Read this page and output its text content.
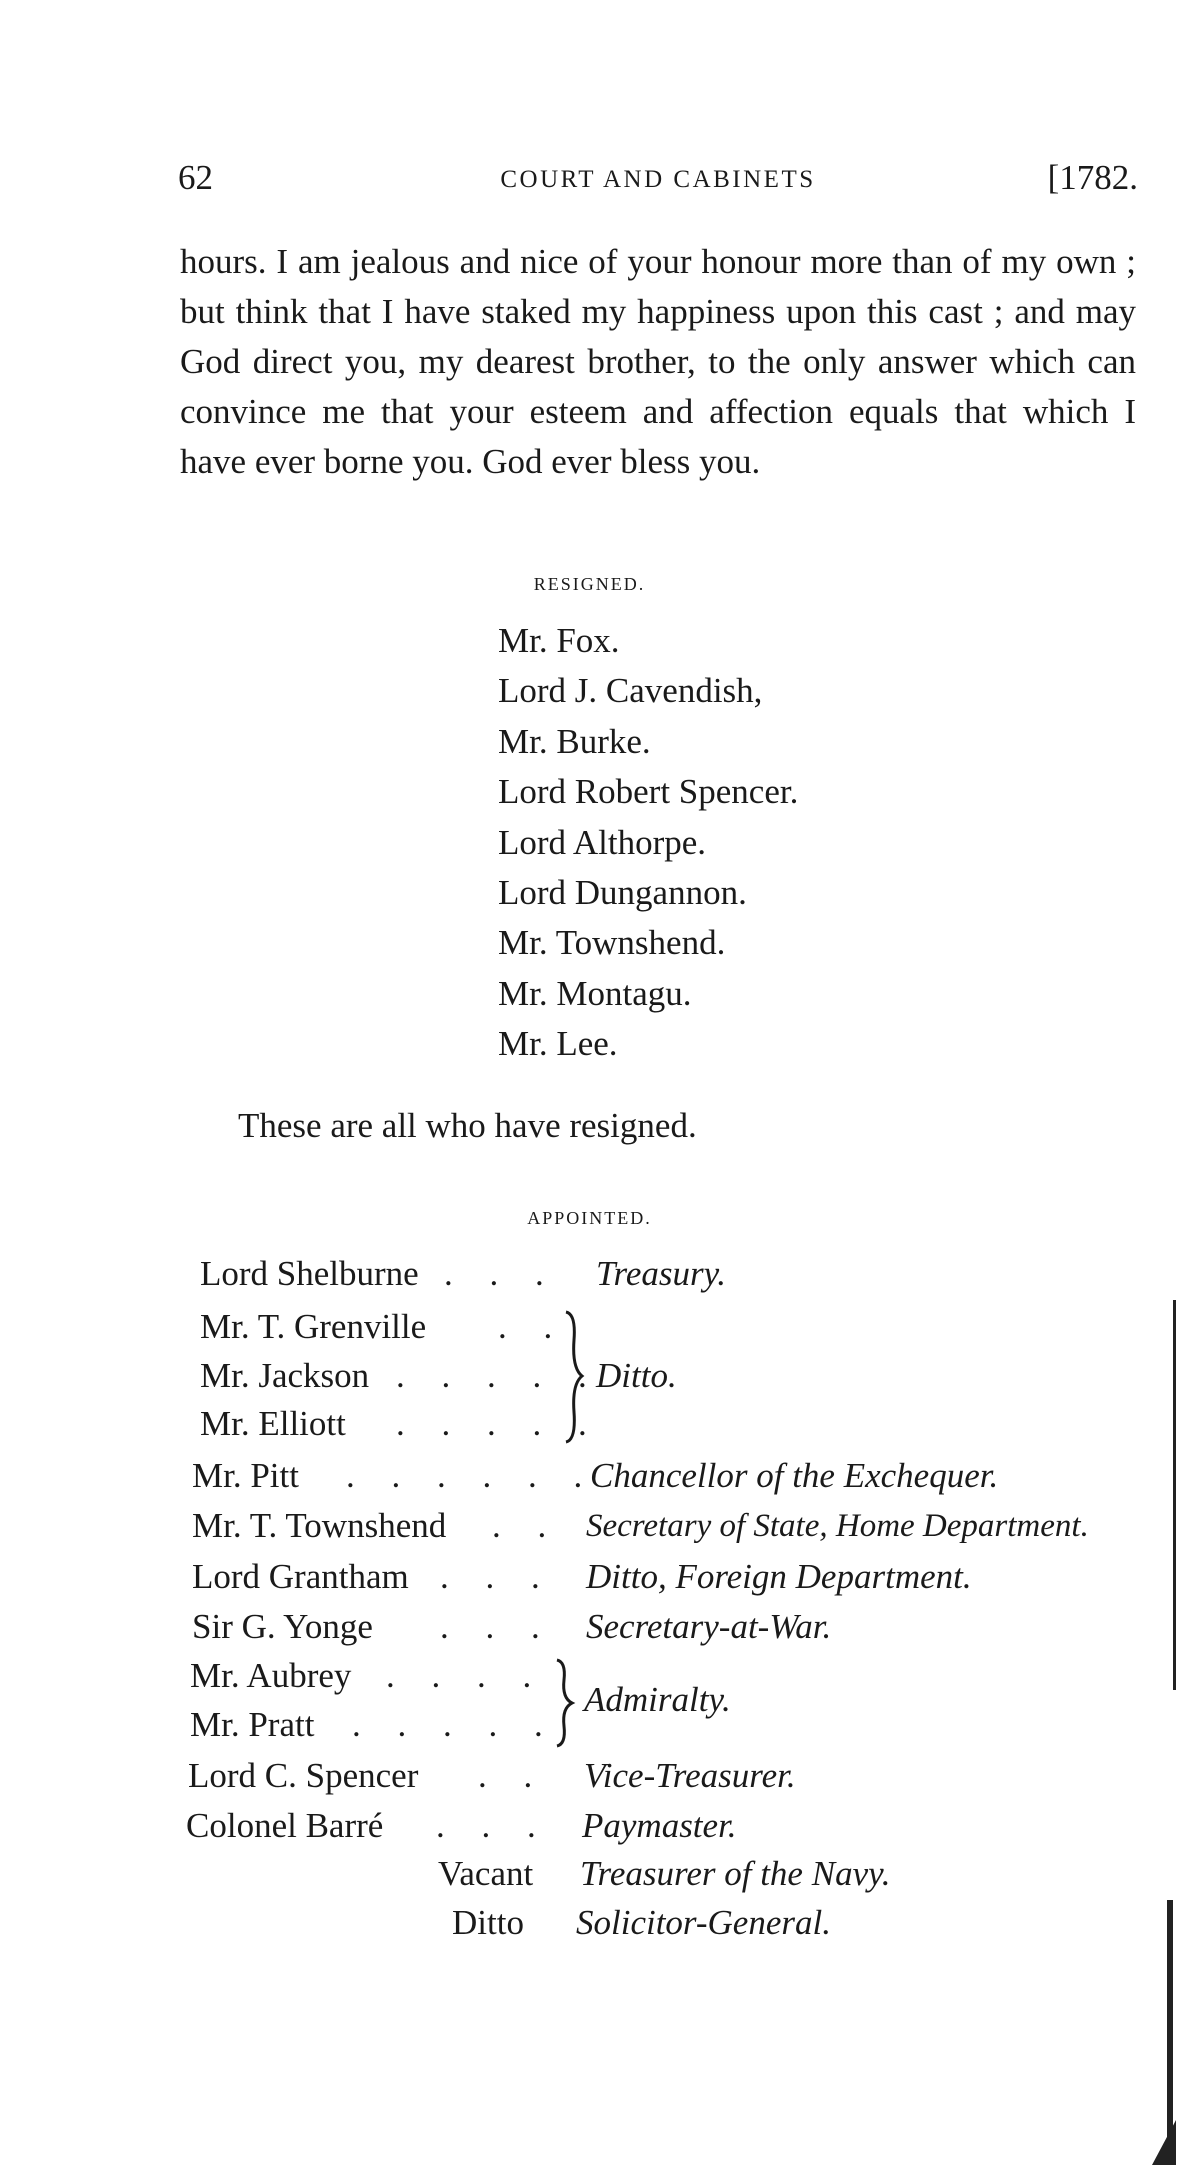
62	COURT AND CABINETS	[1782.

hours. I am jealous and nice of your honour more than of my own ; but think that I have staked my happiness upon this cast ; and may God direct you, my dearest brother, to the only answer which can convince me that your esteem and affection equals that which I have ever borne you. God ever bless you.

RESIGNED.
Mr. Fox.
Lord J. Cavendish,
Mr. Burke.
Lord Robert Spencer.
Lord Althorpe.
Lord Dungannon.
Mr. Townshend.
Mr. Montagu.
Mr. Lee.

These are all who have resigned.

APPOINTED.
Lord Shelburne . . . Treasury.
Mr. T. Grenville . .
Mr. Jackson . . . . .
Mr. Elliott . . . . .
Ditto.
Mr. Pitt . . . . . .
Chancellor of the Exchequer.
Mr. T. Townshend . . Secretary of State, Home Department.
Lord Grantham . . . Ditto, Foreign Department.
Sir G. Yonge . . . Secretary-at-War.
Mr. Aubrey . . . .
Mr. Pratt . . . . .
Admiralty.
Lord C. Spencer . . Vice-Treasurer.
Colonel Barré . . . Paymaster.
Vacant Treasurer of the Navy.
Ditto Solicitor-General.
